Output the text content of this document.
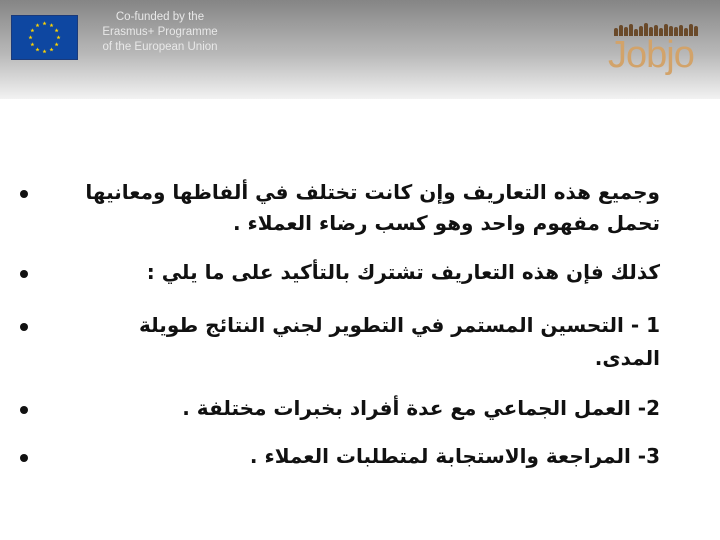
Co-funded by the
Erasmus+ Programme
of the European Union	Jobjo
وجميع هذه التعاريف وإن كانت تختلف في ألفاظها ومعانيها
تحمل مفهوم واحد وهو كسب رضاء العملاء .
كذلك فإن هذه التعاريف تشترك بالتأكيد على ما يلي :
1 - التحسين المستمر في التطوير لجني النتائج طويلة
المدى.
2- العمل الجماعي مع عدة أفراد بخبرات مختلفة .
3- المراجعة والاستجابة لمتطلبات العملاء .
